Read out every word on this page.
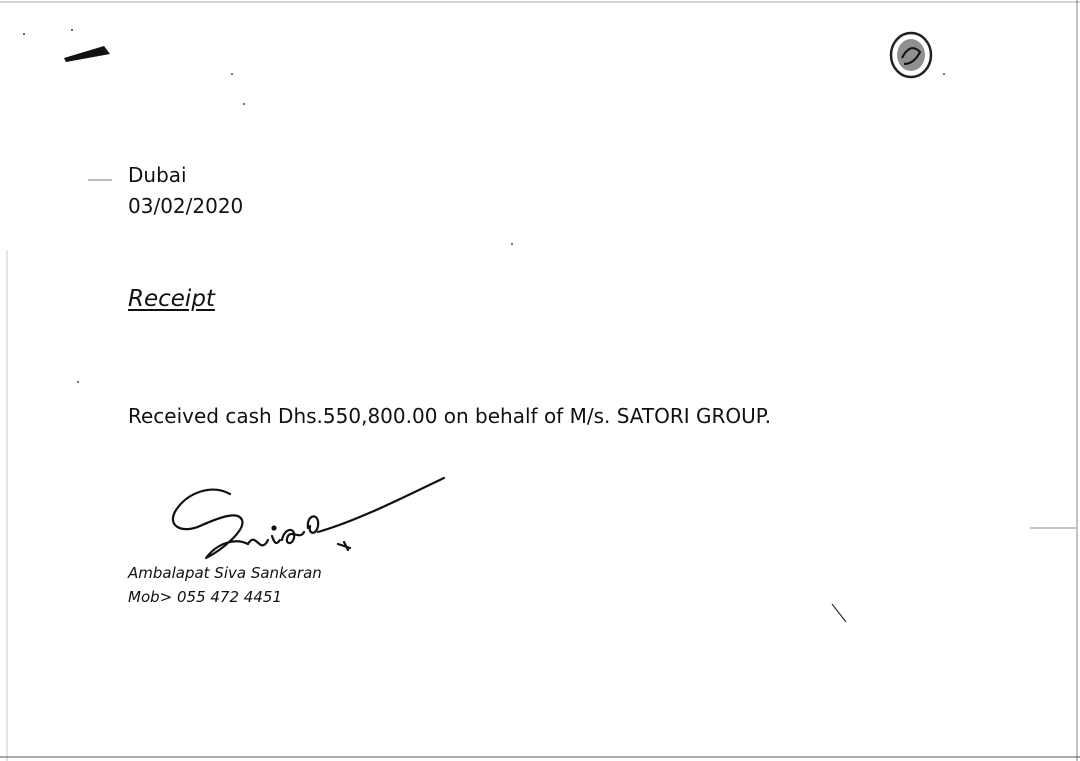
Dubai
03/02/2020
Receipt
Received cash Dhs.550,800.00 on behalf of M/s. SATORI GROUP.
Ambalapat Siva Sankaran
Mob> 055 472 4451
